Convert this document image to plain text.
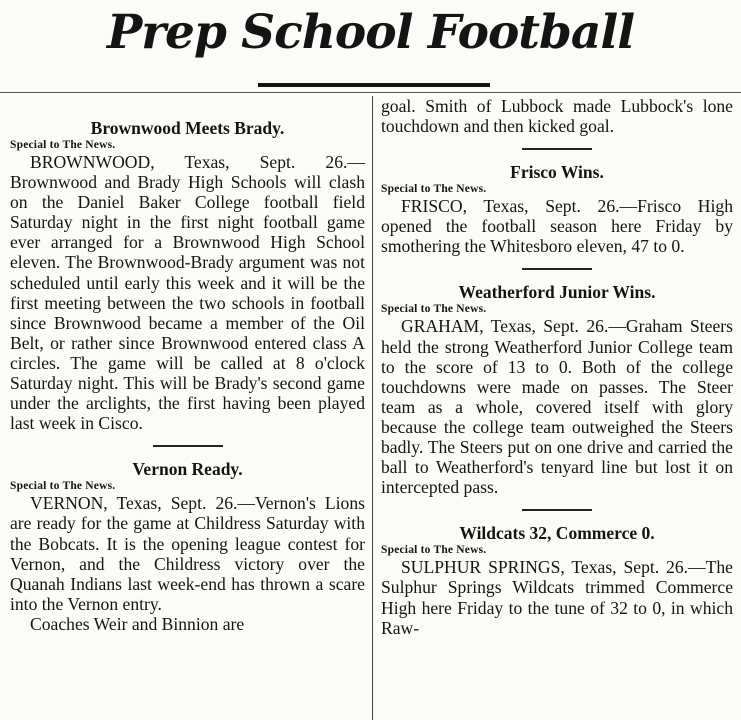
Prep School Football
Brownwood Meets Brady.
Special to The News.

BROWNWOOD, Texas, Sept. 26.—Brownwood and Brady High Schools will clash on the Daniel Baker College football field Saturday night in the first night football game ever arranged for a Brownwood High School eleven. The Brownwood-Brady argument was not scheduled until early this week and it will be the first meeting between the two schools in football since Brownwood became a member of the Oil Belt, or rather since Brownwood entered class A circles. The game will be called at 8 o'clock Saturday night. This will be Brady's second game under the arclights, the first having been played last week in Cisco.

Vernon Ready.
Special to The News.

VERNON, Texas, Sept. 26.—Vernon's Lions are ready for the game at Childress Saturday with the Bobcats. It is the opening league contest for Vernon, and the Childress victory over the Quanah Indians last week-end has thrown a scare into the Vernon entry.

Coaches Weir and Binnion are

goal. Smith of Lubbock made Lubbock's lone touchdown and then kicked goal.

Frisco Wins.
Special to The News.

FRISCO, Texas, Sept. 26.—Frisco High opened the football season here Friday by smothering the Whitesboro eleven, 47 to 0.

Weatherford Junior Wins.
Special to The News.

GRAHAM, Texas, Sept. 26.—Graham Steers held the strong Weatherford Junior College team to the score of 13 to 0. Both of the college touchdowns were made on passes. The Steer team as a whole, covered itself with glory because the college team outweighed the Steers badly. The Steers put on one drive and carried the ball to Weatherford's tenyard line but lost it on intercepted pass.

Wildcats 32, Commerce 0.
Special to The News.

SULPHUR SPRINGS, Texas, Sept. 26.—The Sulphur Springs Wildcats trimmed Commerce High here Friday to the tune of 32 to 0, in which Raw-
